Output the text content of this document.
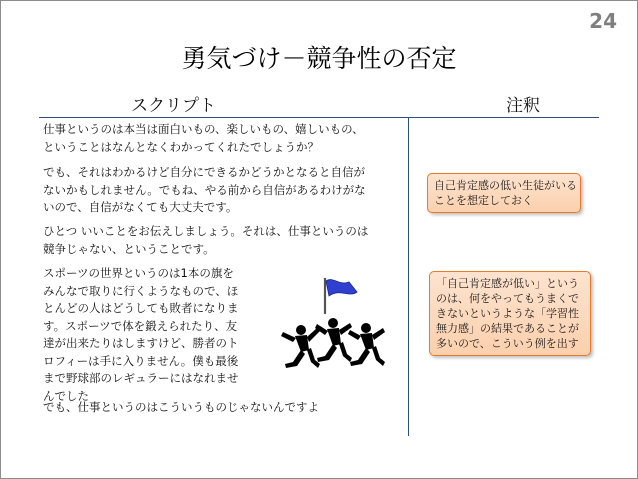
24
勇気づけ－競争性の否定
スクリプト	注釈
仕事というのは本当は面白いもの、楽しいもの、嬉しいもの、
ということはなんとなくわかってくれたでしょうか？
でも、それはわかるけど自分にできるかどうかとなると自信が
ないかもしれません。でもね、やる前から自信があるわけがな
いので、自信がなくても大丈夫です。
ひとつ いいことをお伝えしましょう。それは、仕事というのは
競争じゃない、ということです。
スポーツの世界というのは1本の旗を
みんなで取りに行くようなもので、ほ
とんどの人はどうしても敗者になりま
す。スポーツで体を鍛えられたり、友
達が出来たりはしますけど、勝者のト
ロフィーは手に入りません。僕も最後
まで野球部のレギュラーにはなれませ
んでした
でも、仕事というのはこういうものじゃないんですよ
自己肯定感の低い生徒がいる
ことを想定しておく
「自己肯定感が低い」という
のは、何をやってもうまくで
きないというような「学習性
無力感」の結果であることが
多いので、こういう例を出す
